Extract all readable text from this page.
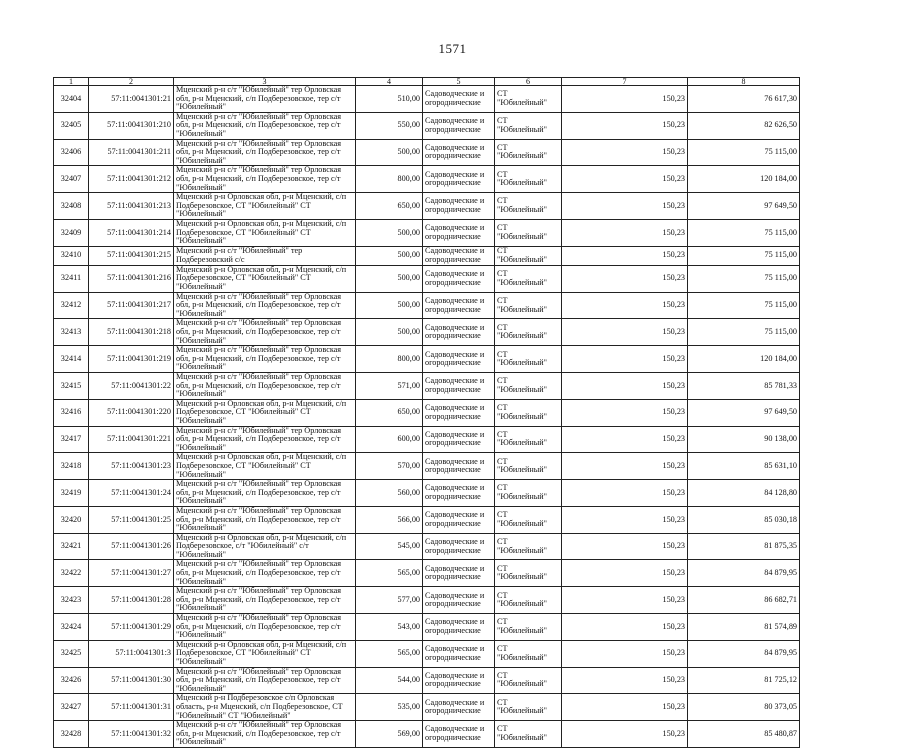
1571
1	2	3	4	5	6	7	8
32404	57:11:0041301:21	Мценский р-н с/т "Юбилейный" тер Орловская обл, р-н Мценский, с/п Подберезовское, тер с/т "Юбилейный"	510,00	Садоводческие и огороднические	СТ "Юбилейный"	150,23	76 617,30
32405	57:11:0041301:210	Мценский р-н с/т "Юбилейный" тер Орловская обл, р-н Мценский, с/п Подберезовское, тер с/т "Юбилейный"	550,00	Садоводческие и огороднические	СТ "Юбилейный"	150,23	82 626,50
32406	57:11:0041301:211	Мценский р-н с/т "Юбилейный" тер Орловская обл, р-н Мценский, с/п Подберезовское, тер с/т "Юбилейный"	500,00	Садоводческие и огороднические	СТ "Юбилейный"	150,23	75 115,00
32407	57:11:0041301:212	Мценский р-н с/т "Юбилейный" тер Орловская обл, р-н Мценский, с/п Подберезовское, тер с/т "Юбилейный"	800,00	Садоводческие и огороднические	СТ "Юбилейный"	150,23	120 184,00
32408	57:11:0041301:213	Мценский р-н Орловская обл, р-н Мценский, с/п Подберезовское, СТ "Юбилейный" СТ "Юбилейный"	650,00	Садоводческие и огороднические	СТ "Юбилейный"	150,23	97 649,50
32409	57:11:0041301:214	Мценский р-н Орловская обл, р-н Мценский, с/п Подберезовское, СТ "Юбилейный" СТ "Юбилейный"	500,00	Садоводческие и огороднические	СТ "Юбилейный"	150,23	75 115,00
32410	57:11:0041301:215	Мценский р-н с/т "Юбилейный" тер Подберезовский с/с	500,00	Садоводческие и огороднические	СТ "Юбилейный"	150,23	75 115,00
32411	57:11:0041301:216	Мценский р-н Орловская обл, р-н Мценский, с/п Подберезовское, СТ "Юбилейный" СТ "Юбилейный"	500,00	Садоводческие и огороднические	СТ "Юбилейный"	150,23	75 115,00
32412	57:11:0041301:217	Мценский р-н с/т "Юбилейный" тер Орловская обл, р-н Мценский, с/п Подберезовское, тер с/т "Юбилейный"	500,00	Садоводческие и огороднические	СТ "Юбилейный"	150,23	75 115,00
32413	57:11:0041301:218	Мценский р-н с/т "Юбилейный" тер Орловская обл, р-н Мценский, с/п Подберезовское, тер с/т "Юбилейный"	500,00	Садоводческие и огороднические	СТ "Юбилейный"	150,23	75 115,00
32414	57:11:0041301:219	Мценский р-н с/т "Юбилейный" тер Орловская обл, р-н Мценский, с/п Подберезовское, тер с/т "Юбилейный"	800,00	Садоводческие и огороднические	СТ "Юбилейный"	150,23	120 184,00
32415	57:11:0041301:22	Мценский р-н с/т "Юбилейный" тер Орловская обл, р-н Мценский, с/п Подберезовское, тер с/т "Юбилейный"	571,00	Садоводческие и огороднические	СТ "Юбилейный"	150,23	85 781,33
32416	57:11:0041301:220	Мценский р-н Орловская обл, р-н Мценский, с/п Подберезовское, СТ "Юбилейный" СТ "Юбилейный"	650,00	Садоводческие и огороднические	СТ "Юбилейный"	150,23	97 649,50
32417	57:11:0041301:221	Мценский р-н с/т "Юбилейный" тер Орловская обл, р-н Мценский, с/п Подберезовское, тер с/т "Юбилейный"	600,00	Садоводческие и огороднические	СТ "Юбилейный"	150,23	90 138,00
32418	57:11:0041301:23	Мценский р-н Орловская обл, р-н Мценский, с/п Подберезовское, СТ "Юбилейный" СТ "Юбилейный"	570,00	Садоводческие и огороднические	СТ "Юбилейный"	150,23	85 631,10
32419	57:11:0041301:24	Мценский р-н с/т "Юбилейный" тер Орловская обл, р-н Мценский, с/п Подберезовское, тер с/т "Юбилейный"	560,00	Садоводческие и огороднические	СТ "Юбилейный"	150,23	84 128,80
32420	57:11:0041301:25	Мценский р-н с/т "Юбилейный" тер Орловская обл, р-н Мценский, с/п Подберезовское, тер с/т "Юбилейный"	566,00	Садоводческие и огороднические	СТ "Юбилейный"	150,23	85 030,18
32421	57:11:0041301:26	Мценский р-н Орловская обл, р-н Мценский, с/п Подберезовское, с/т "Юбилейный" с/т "Юбилейный"	545,00	Садоводческие и огороднические	СТ "Юбилейный"	150,23	81 875,35
32422	57:11:0041301:27	Мценский р-н с/т "Юбилейный" тер Орловская обл, р-н Мценский, с/п Подберезовское, тер с/т "Юбилейный"	565,00	Садоводческие и огороднические	СТ "Юбилейный"	150,23	84 879,95
32423	57:11:0041301:28	Мценский р-н с/т "Юбилейный" тер Орловская обл, р-н Мценский, с/п Подберезовское, тер с/т "Юбилейный"	577,00	Садоводческие и огороднические	СТ "Юбилейный"	150,23	86 682,71
32424	57:11:0041301:29	Мценский р-н с/т "Юбилейный" тер Орловская обл, р-н Мценский, с/п Подберезовское, тер с/т "Юбилейный"	543,00	Садоводческие и огороднические	СТ "Юбилейный"	150,23	81 574,89
32425	57:11:0041301:3	Мценский р-н Орловская обл, р-н Мценский, с/п Подберезовское, СТ "Юбилейный" СТ "Юбилейный"	565,00	Садоводческие и огороднические	СТ "Юбилейный"	150,23	84 879,95
32426	57:11:0041301:30	Мценский р-н с/т "Юбилейный" тер Орловская обл, р-н Мценский, с/п Подберезовское, тер с/т "Юбилейный"	544,00	Садоводческие и огороднические	СТ "Юбилейный"	150,23	81 725,12
32427	57:11:0041301:31	Мценский р-н Подберезовское с/п Орловская область, р-н Мценский, с/п Подберезовское, СТ "Юбилейный" СТ "Юбилейный"	535,00	Садоводческие и огороднические	СТ "Юбилейный"	150,23	80 373,05
32428	57:11:0041301:32	Мценский р-н с/т "Юбилейный" тер Орловская обл, р-н Мценский, с/п Подберезовское, тер с/т "Юбилейный"	569,00	Садоводческие и огороднические	СТ "Юбилейный"	150,23	85 480,87
